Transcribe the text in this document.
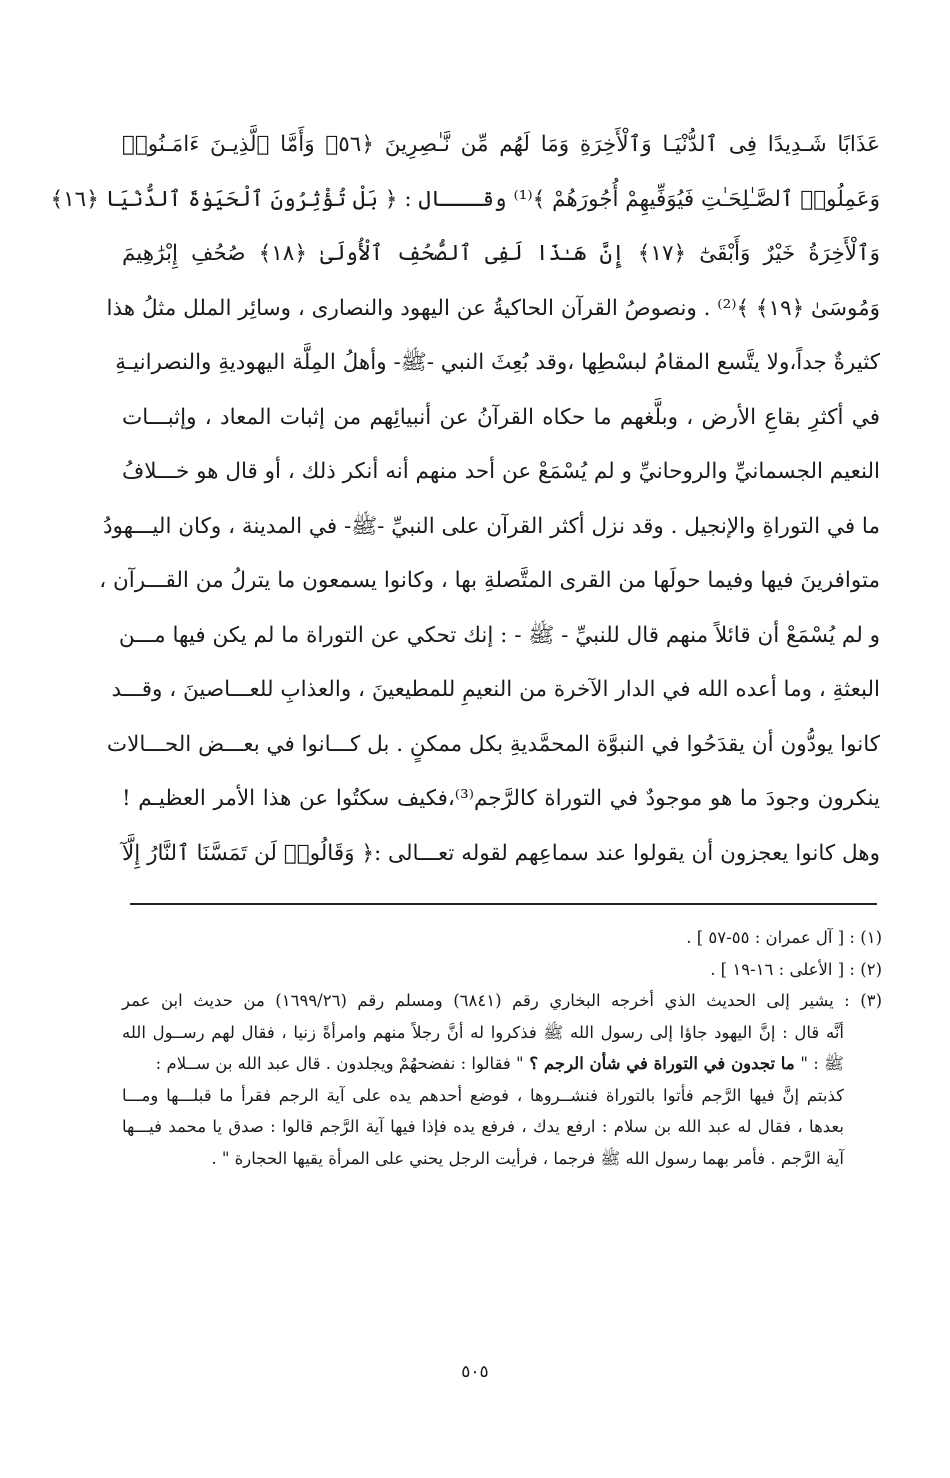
عَذَابًا شَـدِيدًا فِى ٱلدُّنْيَـا وَٱلْأَخِرَةِ وَمَا لَهُم مِّن نَّـٰصِرِينَ ﴿٥٦﴾ وَأَمَّا ٱلَّذِيـنَ ءَامَـنُوا۟
وَعَمِلُوا۟ ٱلصَّـٰلِحَـٰتِ فَيُوَفِّيهِمْ أُجُورَهُمْ ﴾⁽¹⁾ وقـــال : ﴿ بَلْ تُؤْثِرُونَ ٱلْحَيَوٰةَ ٱلدُّنْيَا ﴿١٦﴾
وَٱلْأَخِرَةُ خَيْرٌ وَأَبْقَىٰٓ ﴿١٧﴾ إِنَّ هَـٰذَا لَفِى ٱلصُّحُفِ ٱلْأُولَىٰ ﴿١٨﴾ صُحُفِ إِبْرَٰهِيمَ
وَمُوسَىٰ ﴿١٩﴾ ﴾⁽²⁾ . ونصوصُ القرآن الحاكيةُ عن اليهود والنصارى ، وسائِر الملل مثلُ هذا
كثيرةٌ جداً،ولا يتَّسع المقامُ لبسْطِها ،وقد بُعِثَ النبي -ﷺ- وأهلُ المِلَّة اليهوديةِ والنصرانيـةِ
في أكثرِ بقاعِ الأرض ، وبلَّغهم ما حكاه القرآنُ عن أنبيائِهم من إثبات المعاد ، وإثبـــات
النعيم الجسمانيِّ والروحانيِّ و لم يُسْمَعْ عن أحد منهم أنه أنكر ذلك ، أو قال هو خـــلافُ
ما في التوراةِ والإنجيل . وقد نزل أكثر القرآن على النبيِّ -ﷺ- في المدينة ، وكان اليـــهودُ
متوافرينَ فيها وفيما حولَها من القرى المتَّصلةِ بها ، وكانوا يسمعون ما يترلُ من القـــرآن ،
و لم يُسْمَعْ أن قائلاً منهم قال للنبيِّ - ﷺ - : إنك تحكي عن التوراة ما لم يكن فيها مـــن
البعثةِ ، وما أعده الله في الدار الآخرة من النعيمِ للمطيعينَ ، والعذابِ للعـــاصينَ ، وقـــد
كانوا يودُّون أن يقدَحُوا في النبوَّة المحمَّديةِ بكل ممكنٍ . بل كـــانوا في بعـــض الحـــالات
ينكرون وجودَ ما هو موجودٌ في التوراة كالرَّجم⁽³⁾،فكيف سكتُوا عن هذا الأمر العظيـم !
وهل كانوا يعجزون أن يقولوا عند سماعِهم لقوله تعـــالى :﴿ وَقَالُوا۟ لَن تَمَسَّنَا ٱلنَّارُ إِلَّآ
(١) : [ آل عمران : ٥٥-٥٧ ] .
(٢) : [ الأعلى : ١٦-١٩ ] .
(٣) : يشير إلى الحديث الذي أخرجه البخاري رقم (٦٨٤١) ومسلم رقم (١٦٩٩/٢٦) من حديث ابن عمر
أنَّه قال : إنَّ اليهود جاؤا إلى رسول الله ﷺ فذكروا له أنَّ رجلاً منهم وامرأةً زنيا ، فقال لهم رســول الله
ﷺ : " ما تجدون في التوراة في شأن الرجم ؟ " فقالوا : نفضحهُمْ ويجلدون . قال عبد الله بن ســلام :
كذبتم إنَّ فيها الرَّجم فأتوا بالتوراة فنشــروها ، فوضع أحدهم يده على آية الرجم فقرأ ما قبلـــها ومـــا
بعدها ، فقال له عبد الله بن سلام : ارفع يدك ، فرفع يده فإذا فيها آية الرَّجم قالوا : صدق يا محمد فيـــها
آية الرَّجم . فأمر بهما رسول الله ﷺ فرجما ، فرأيت الرجل يحني على المرأة يقيها الحجارة " .
٥٠٥
